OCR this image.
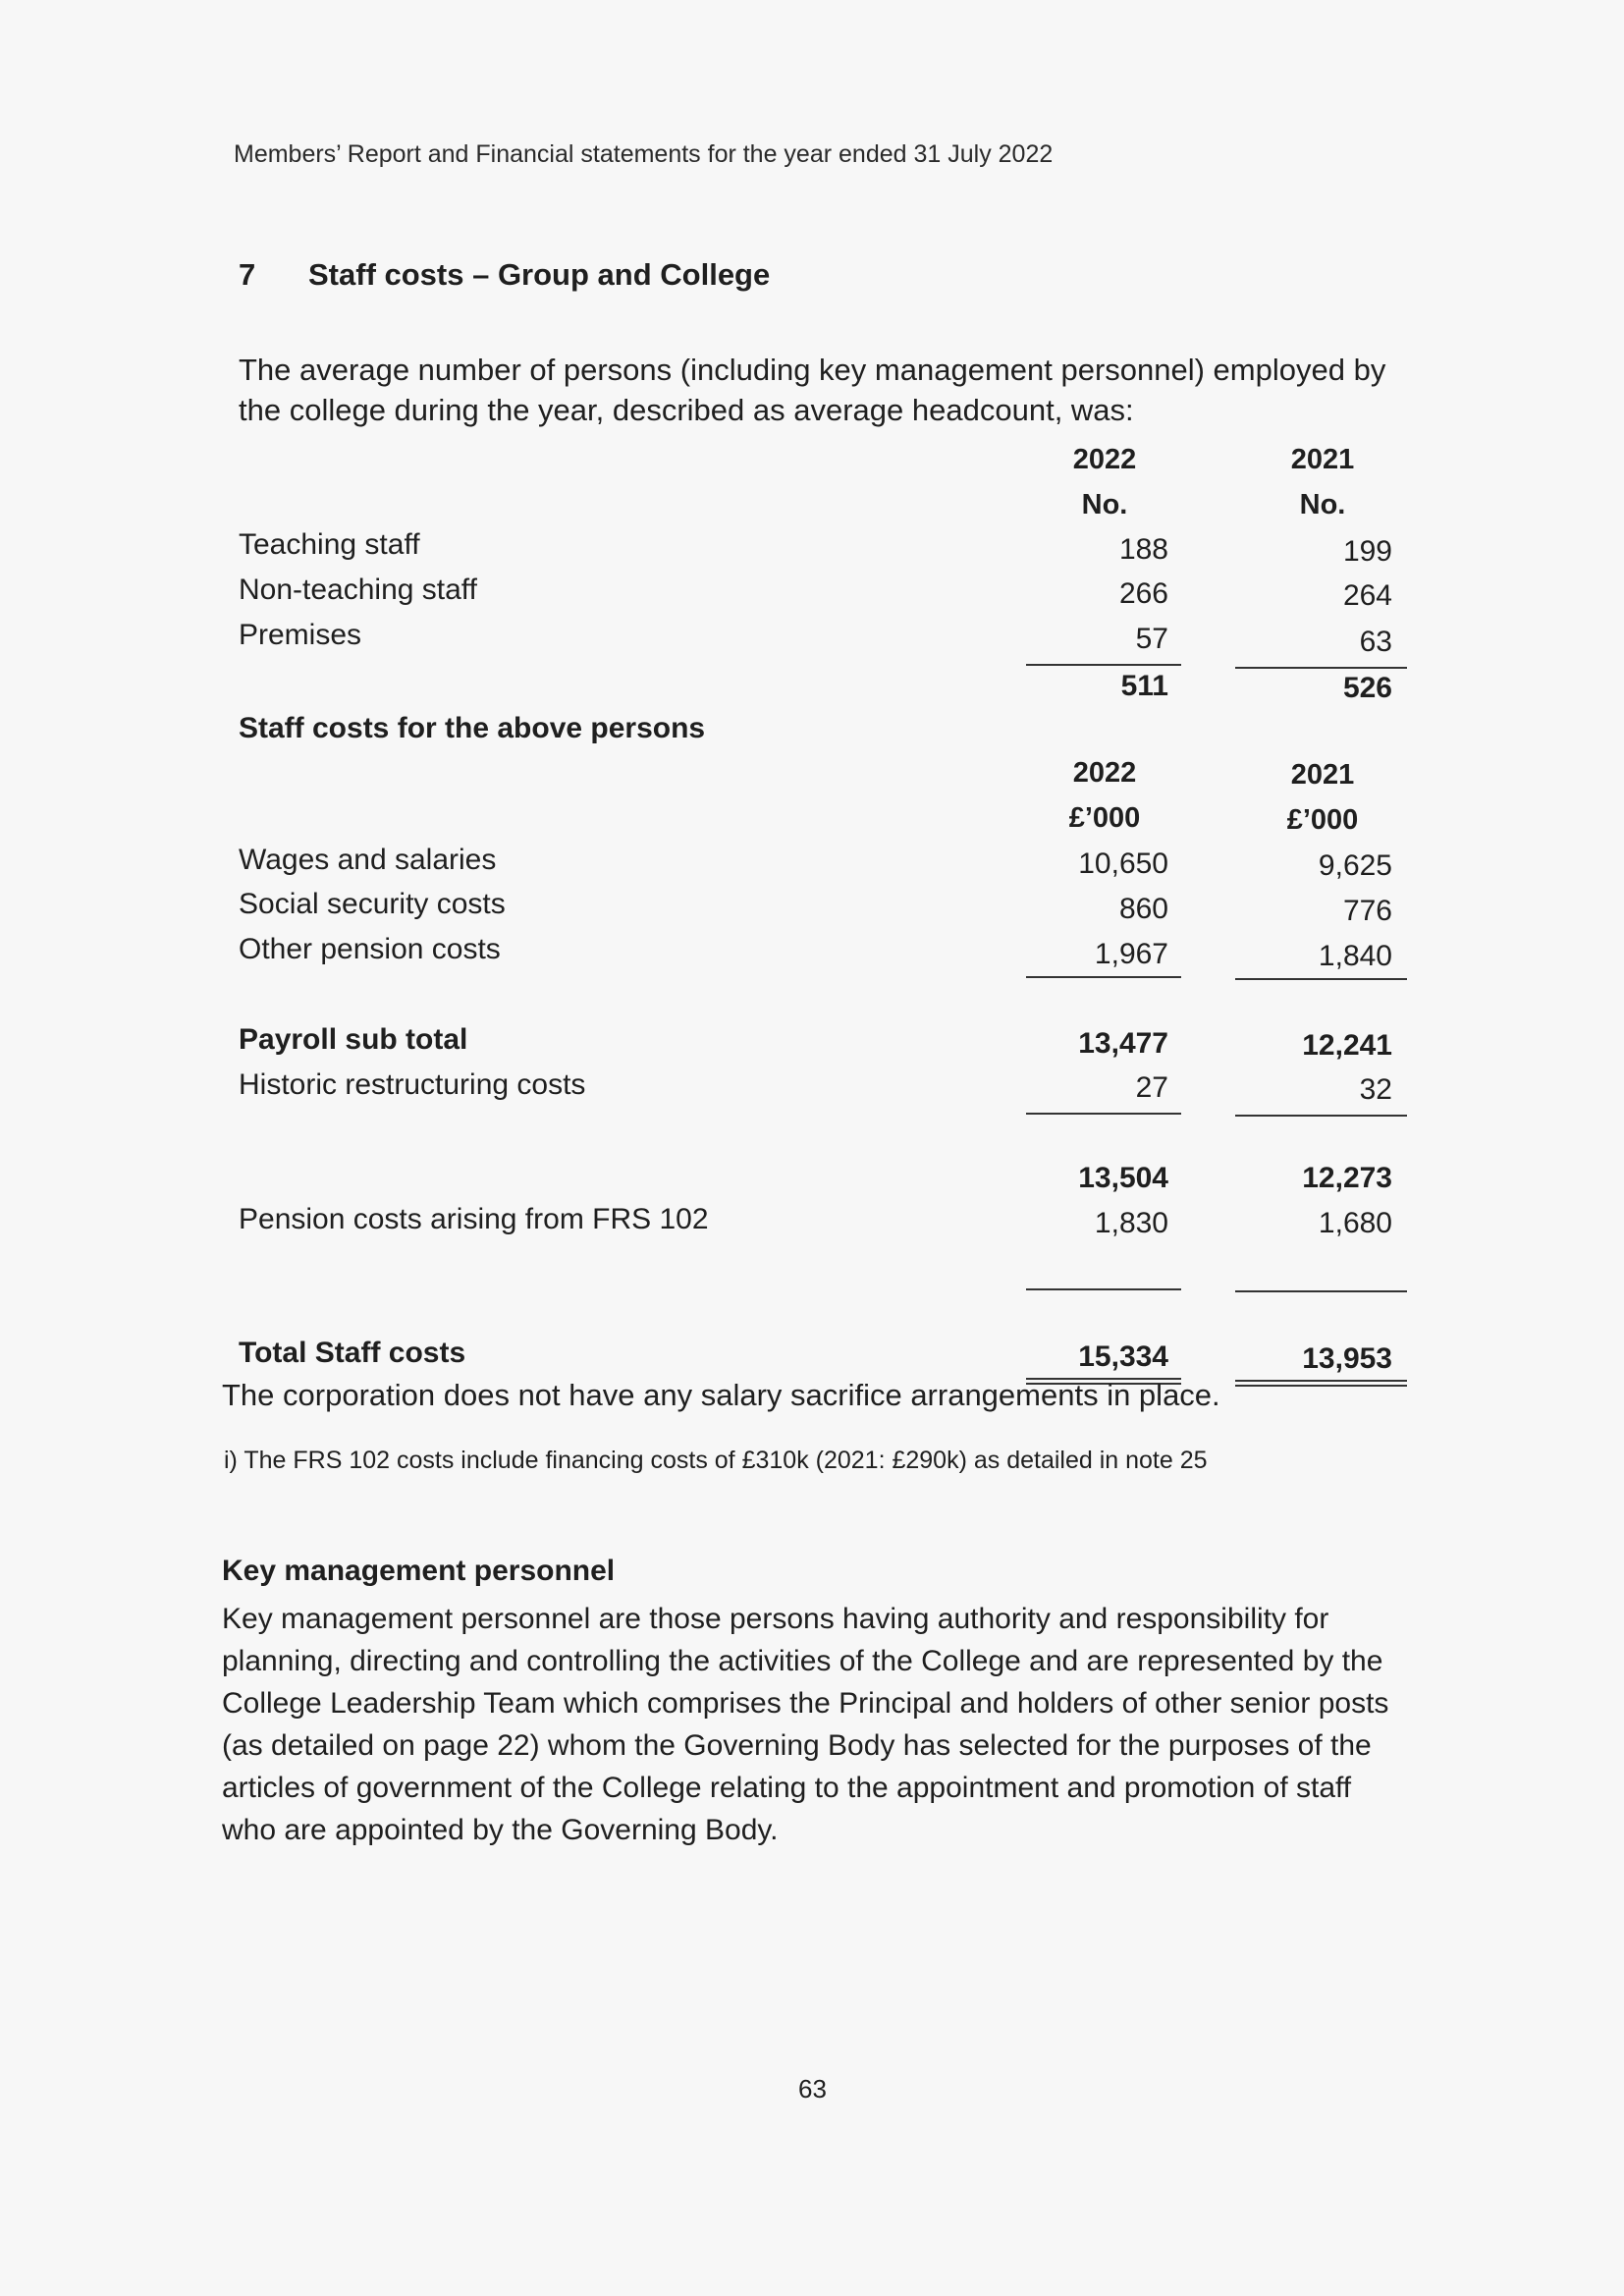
Members’ Report and Financial statements for the year ended 31 July 2022
7 Staff costs – Group and College
The average number of persons (including key management personnel) employed by the college during the year, described as average headcount, was:
2022	2021
No.	No.
Teaching staff	188	199
Non-teaching staff	266	264
Premises	57	63
511	526
Staff costs for the above persons
2022	2021
£’000	£’000
Wages and salaries	10,650	9,625
Social security costs	860	776
Other pension costs	1,967	1,840
Payroll sub total	13,477	12,241
Historic restructuring costs	27	32
13,504	12,273
Pension costs arising from FRS 102	1,830	1,680
Total Staff costs	15,334	13,953
The corporation does not have any salary sacrifice arrangements in place.
i) The FRS 102 costs include financing costs of £310k (2021: £290k) as detailed in note 25
Key management personnel
Key management personnel are those persons having authority and responsibility for planning, directing and controlling the activities of the College and are represented by the College Leadership Team which comprises the Principal and holders of other senior posts (as detailed on page 22) whom the Governing Body has selected for the purposes of the articles of government of the College relating to the appointment and promotion of staff who are appointed by the Governing Body.
63
